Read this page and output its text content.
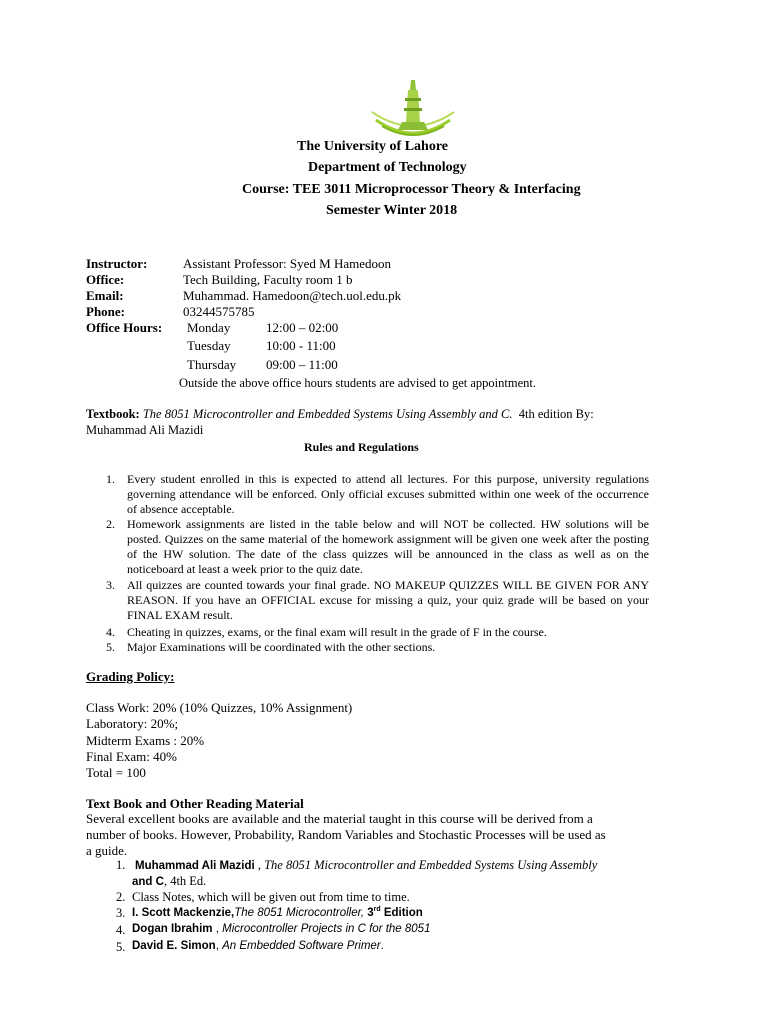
The University of Lahore
Department of Technology
Course: TEE 3011 Microprocessor Theory & Interfacing
Semester Winter 2018
Instructor:	Assistant Professor: Syed M Hamedoon
Office:	Tech Building, Faculty room 1 b
Email:	Muhammad. Hamedoon@tech.uol.edu.pk
Phone:	03244575785
Office Hours: Monday	12:00 – 02:00
Tuesday	10:00 - 11:00
Thursday 09:00 – 11:00
Outside the above office hours students are advised to get appointment.
Textbook: The 8051 Microcontroller and Embedded Systems Using Assembly and C. 4th edition By:
Muhammad Ali Mazidi
Rules and Regulations
1. Every student enrolled in this is expected to attend all lectures. For this purpose, university regulations governing attendance will be enforced. Only official excuses submitted within one week of the occurrence of absence acceptable.
2. Homework assignments are listed in the table below and will NOT be collected. HW solutions will be posted. Quizzes on the same material of the homework assignment will be given one week after the posting of the HW solution. The date of the class quizzes will be announced in the class as well as on the noticeboard at least a week prior to the quiz date.
3. All quizzes are counted towards your final grade. NO MAKEUP QUIZZES WILL BE GIVEN FOR ANY REASON. If you have an OFFICIAL excuse for missing a quiz, your quiz grade will be based on your FINAL EXAM result.
4. Cheating in quizzes, exams, or the final exam will result in the grade of F in the course.
5. Major Examinations will be coordinated with the other sections.
Grading Policy:
Class Work: 20% (10% Quizzes, 10% Assignment)
Laboratory: 20%;
Midterm Exams : 20%
Final Exam: 40%
Total = 100
Text Book and Other Reading Material
Several excellent books are available and the material taught in this course will be derived from a
number of books. However, Probability, Random Variables and Stochastic Processes will be used as
a guide.
1. Muhammad Ali Mazidi , The 8051 Microcontroller and Embedded Systems Using Assembly
and C, 4th Ed.
2. Class Notes, which will be given out from time to time.
3. I. Scott Mackenzie,The 8051 Microcontroller, 3rd Edition
4. Dogan Ibrahim , Microcontroller Projects in C for the 8051
5. David E. Simon, An Embedded Software Primer.
